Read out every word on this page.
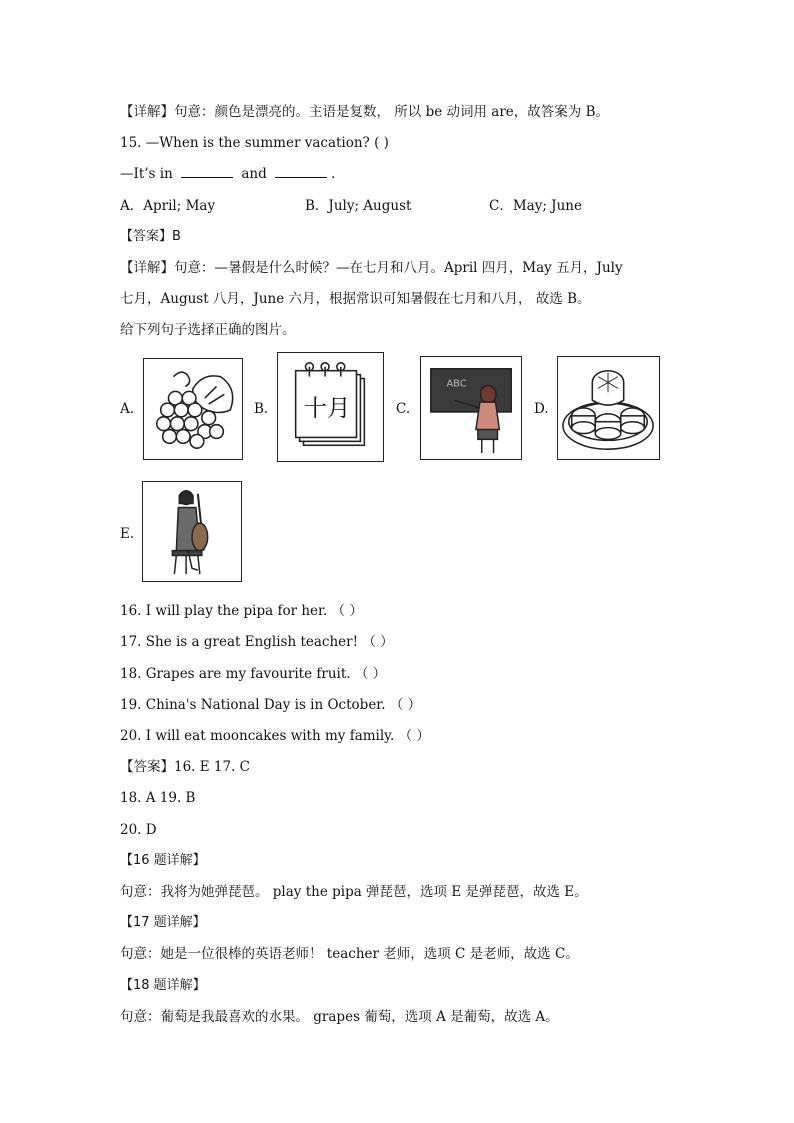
【详解】句意：颜色是漂亮的。主语是复数， 所以 be 动词用 are，故答案为 B。
15. —When is the summer vacation? ( )
—It’s in	and	.
A．April; May	B．July; August	C．May; June
【答案】B
【详解】句意：—暑假是什么时候？—在七月和八月。April 四月，May 五月，July
七月，August 八月，June 六月，根据常识可知暑假在七月和八月， 故选 B。
给下列句子选择正确的图片。
A.	B. 十月	C.
ABC
D.
E.
16. I will play the pipa for her. （ ）
17. She is a great English teacher! （ ）
18. Grapes are my favourite fruit. （ ）
19. China's National Day is in October. （ ）
20. I will eat mooncakes with my family. （ ）
【答案】16. E 17. C
18. A 19. B
20. D
【16 题详解】
句意：我将为她弹琵琶。 play the pipa 弹琵琶，选项 E 是弹琵琶，故选 E。
【17 题详解】
句意：她是一位很棒的英语老师！ teacher 老师，选项 C 是老师，故选 C。
【18 题详解】
句意：葡萄是我最喜欢的水果。 grapes 葡萄，选项 A 是葡萄，故选 A。
